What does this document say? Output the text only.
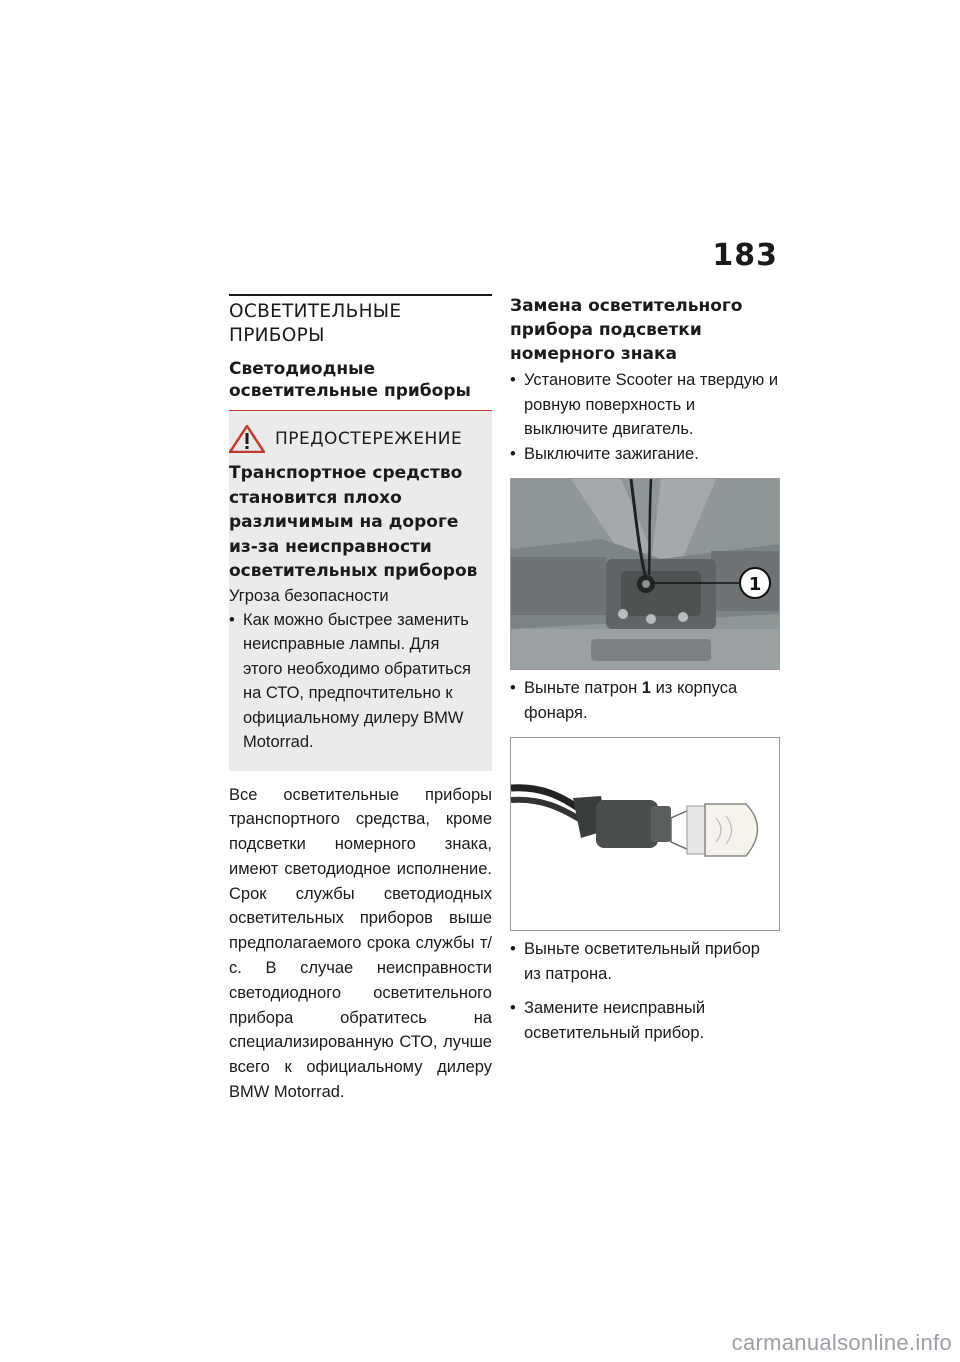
183
ОСВЕТИТЕЛЬНЫЕ ПРИБОРЫ
Светодиодные осветительные приборы
ПРЕДОСТЕРЕЖЕНИЕ
Транспортное средство становится плохо различимым на дороге из-за неисправности осветительных приборов
Угроза безопасности
• Как можно быстрее заменить неисправные лампы. Для этого необходимо обратиться на СТО, предпочтительно к официальному дилеру BMW Motorrad.
Все осветительные приборы транспортного средства, кроме подсветки номерного знака, имеют светодиодное исполнение. Срок службы светодиодных осветительных приборов выше предполагаемого срока службы т/с. В случае неисправности светодиодного осветительного прибора обратитесь на специализированную СТО, лучше всего к официальному дилеру BMW Motorrad.
Замена осветительного прибора подсветки номерного знака
• Установите Scooter на твердую и ровную поверхность и выключите двигатель.
• Выключите зажигание.
1
• Выньте патрон 1 из корпуса фонаря.
• Выньте осветительный прибор из патрона.
• Замените неисправный осветительный прибор.
carmanualsonline.info
